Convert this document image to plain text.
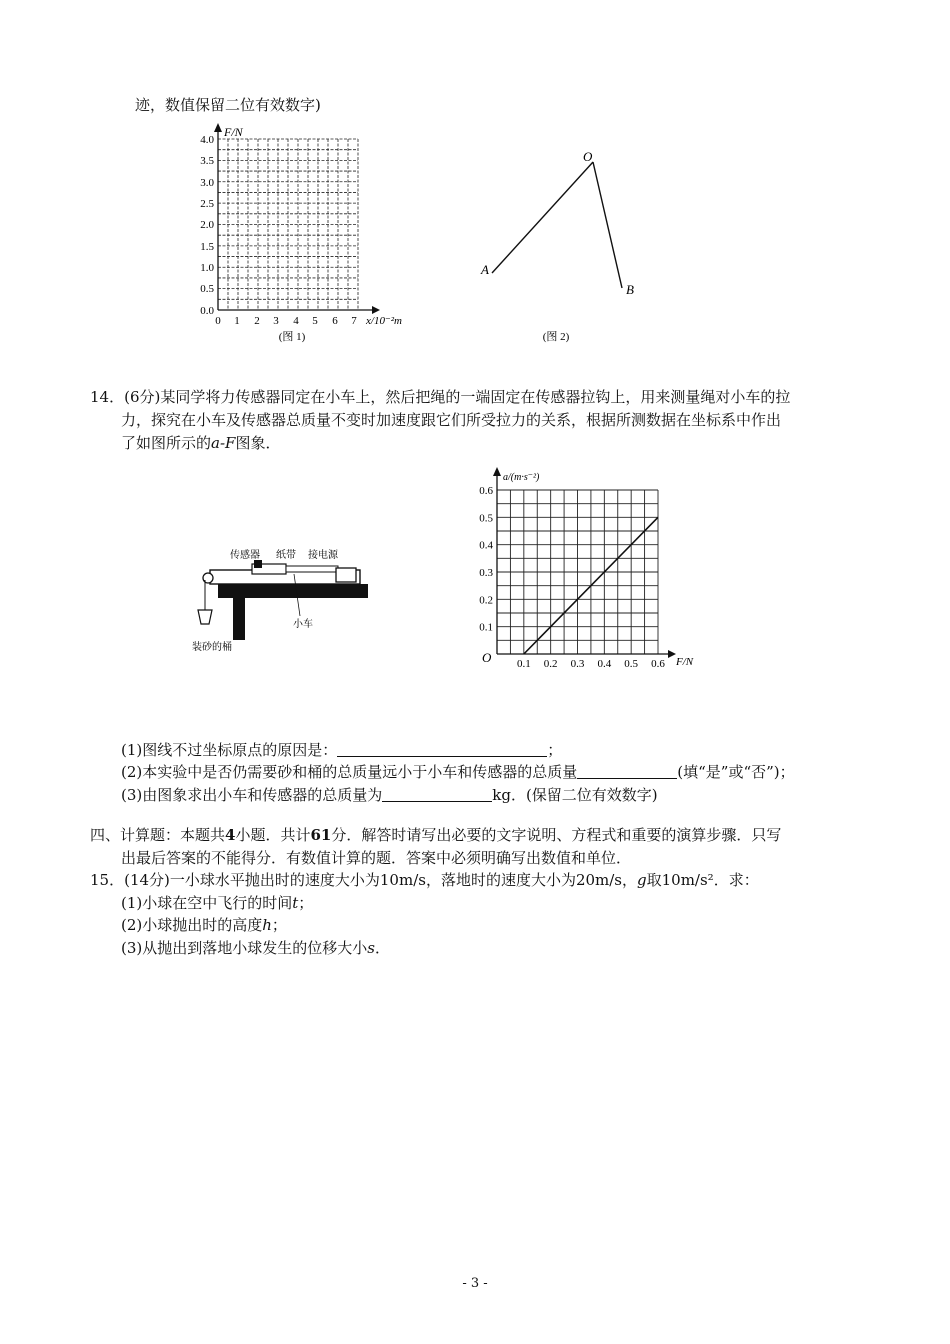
迹，数值保留二位有效数字)
F/N
x/10⁻²m
4.0
3.5
3.0
2.5
2.0
1.5
1.0
0.5
0.0
0 1 2 3 4 5 6 7
(图 1)
O
A
B
(图 2)
14．(6分)某同学将力传感器同定在小车上，然后把绳的一端固定在传感器拉钩上，用来测量绳对小车的拉
力，探究在小车及传感器总质量不变时加速度跟它们所受拉力的关系，根据所测数据在坐标系中作出
了如图所示的a-F图象．
传感器 纸带 接电源
小车
装砂的桶
0.6
0.5
0.4
0.3
0.2
0.1
0.1 0.2 0.3 0.4 0.5 0.6
a/(m·s⁻²)
F/N
O
(1)图线不过坐标原点的原因是：	；
(2)本实验中是否仍需要砂和桶的总质量远小于小车和传感器的总质量	(填“是”或“否”)；
(3)由图象求出小车和传感器的总质量为	kg．(保留二位有效数字)
四、计算题：本题共4小题．共计61分．解答时请写出必要的文字说明、方程式和重要的演算步骤．只写
出最后答案的不能得分．有数值计算的题．答案中必须明确写出数值和单位．
15．(14分)一小球水平抛出时的速度大小为10m/s，落地时的速度大小为20m/s，g取10m/s²．求：
(1)小球在空中飞行的时间t；
(2)小球抛出时的高度h；
(3)从抛出到落地小球发生的位移大小s．
- 3 -
